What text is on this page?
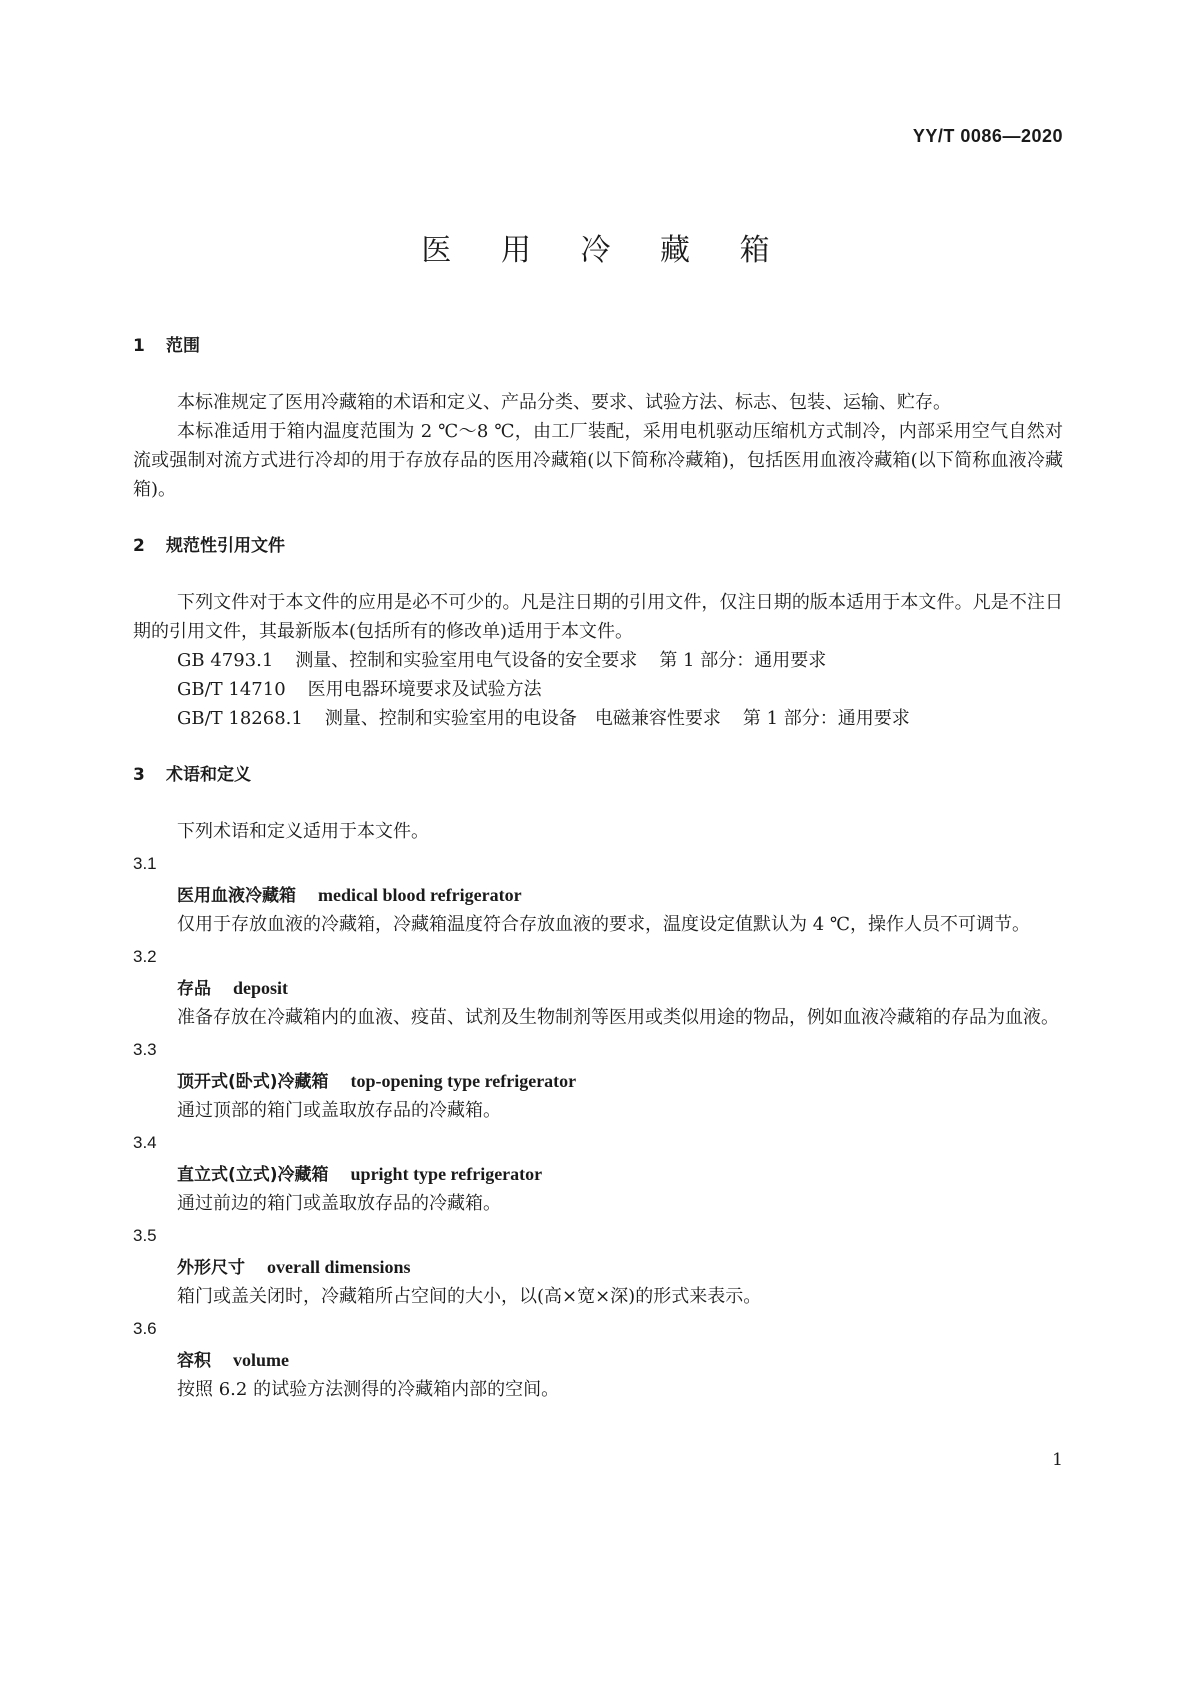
YY/T 0086—2020
医 用 冷 藏 箱
1	范围

本标准规定了医用冷藏箱的术语和定义、产品分类、要求、试验方法、标志、包装、运输、贮存。

本标准适用于箱内温度范围为 2 ℃～8 ℃，由工厂装配，采用电机驱动压缩机方式制冷，内部采用空气自然对流或强制对流方式进行冷却的用于存放存品的医用冷藏箱(以下简称冷藏箱)，包括医用血液冷藏箱(以下简称血液冷藏箱)。

2	规范性引用文件

下列文件对于本文件的应用是必不可少的。凡是注日期的引用文件，仅注日期的版本适用于本文件。凡是不注日期的引用文件，其最新版本(包括所有的修改单)适用于本文件。

GB 4793.1 测量、控制和实验室用电气设备的安全要求 第 1 部分：通用要求
GB/T 14710 医用电器环境要求及试验方法
GB/T 18268.1 测量、控制和实验室用的电设备　电磁兼容性要求 第 1 部分：通用要求
3	术语和定义

下列术语和定义适用于本文件。

3.1
医用血液冷藏箱 medical blood refrigerator

仅用于存放血液的冷藏箱，冷藏箱温度符合存放血液的要求，温度设定值默认为 4 ℃，操作人员不可调节。

3.2
存品 deposit

准备存放在冷藏箱内的血液、疫苗、试剂及生物制剂等医用或类似用途的物品，例如血液冷藏箱的存品为血液。

3.3
顶开式(卧式)冷藏箱 top-opening type refrigerator

通过顶部的箱门或盖取放存品的冷藏箱。

3.4
直立式(立式)冷藏箱 upright type refrigerator

通过前边的箱门或盖取放存品的冷藏箱。

3.5
外形尺寸 overall dimensions

箱门或盖关闭时，冷藏箱所占空间的大小，以(高×宽×深)的形式来表示。

3.6
容积 volume

按照 6.2 的试验方法测得的冷藏箱内部的空间。

1
